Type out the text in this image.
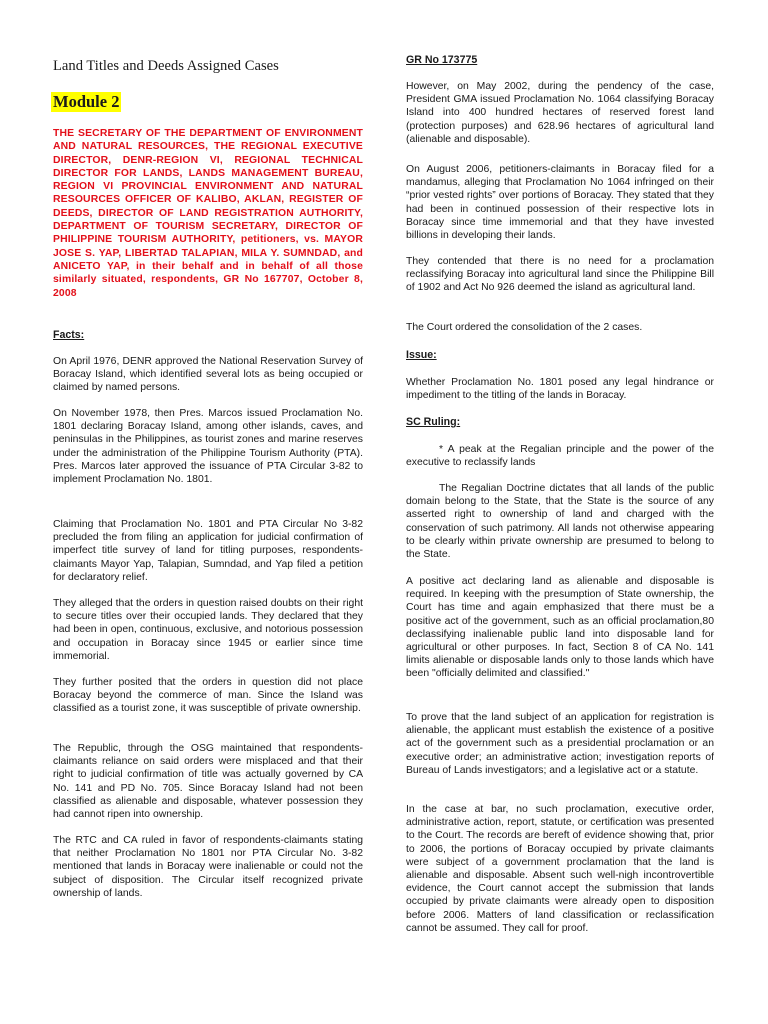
Land Titles and Deeds Assigned Cases
Module 2
THE SECRETARY OF THE DEPARTMENT OF ENVIRONMENT AND NATURAL RESOURCES, THE REGIONAL EXECUTIVE DIRECTOR, DENR-REGION VI, REGIONAL TECHNICAL DIRECTOR FOR LANDS, LANDS MANAGEMENT BUREAU, REGION VI PROVINCIAL ENVIRONMENT AND NATURAL RESOURCES OFFICER OF KALIBO, AKLAN, REGISTER OF DEEDS, DIRECTOR OF LAND REGISTRATION AUTHORITY, DEPARTMENT OF TOURISM SECRETARY, DIRECTOR OF PHILIPPINE TOURISM AUTHORITY, petitioners, vs. MAYOR JOSE S. YAP, LIBERTAD TALAPIAN, MILA Y. SUMNDAD, and ANICETO YAP, in their behalf and in behalf of all those similarly situated, respondents, GR No 167707, October 8, 2008
Facts:

On April 1976, DENR approved the National Reservation Survey of Boracay Island, which identified several lots as being occupied or claimed by named persons.

On November 1978, then Pres. Marcos issued Proclamation No. 1801 declaring Boracay Island, among other islands, caves, and peninsulas in the Philippines, as tourist zones and marine reserves under the administration of the Philippine Tourism Authority (PTA). Pres. Marcos later approved the issuance of PTA Circular 3-82 to implement Proclamation No. 1801.

Claiming that Proclamation No. 1801 and PTA Circular No 3-82 precluded the from filing an application for judicial confirmation of imperfect title survey of land for titling purposes, respondents-claimants Mayor Yap, Talapian, Sumndad, and Yap filed a petition for declaratory relief.

They alleged that the orders in question raised doubts on their right to secure titles over their occupied lands. They declared that they had been in open, continuous, exclusive, and notorious possession and occupation in Boracay since 1945 or earlier since time immemorial.

They further posited that the orders in question did not place Boracay beyond the commerce of man. Since the Island was classified as a tourist zone, it was susceptible of private ownership.

The Republic, through the OSG maintained that respondents-claimants reliance on said orders were misplaced and that their right to judicial confirmation of title was actually governed by CA No. 141 and PD No. 705. Since Boracay Island had not been classified as alienable and disposable, whatever possession they had cannot ripen into ownership.

The RTC and CA ruled in favor of respondents-claimants stating that neither Proclamation No 1801 nor PTA Circular No. 3-82 mentioned that lands in Boracay were inalienable or could not the subject of disposition. The Circular itself recognized private ownership of lands.

GR No 173775

However, on May 2002, during the pendency of the case, President GMA issued Proclamation No. 1064 classifying Boracay Island into 400 hundred hectares of reserved forest land (protection purposes) and 628.96 hectares of agricultural land (alienable and disposable).

On August 2006, petitioners-claimants in Boracay filed for a mandamus, alleging that Proclamation No 1064 infringed on their “prior vested rights” over portions of Boracay. They stated that they had been in continued possession of their respective lots in Boracay since time immemorial and that they have invested billions in developing their lands.

They contended that there is no need for a proclamation reclassifying Boracay into agricultural land since the Philippine Bill of 1902 and Act No 926 deemed the island as agricultural land.

The Court ordered the consolidation of the 2 cases.

Issue:

Whether Proclamation No. 1801 posed any legal hindrance or impediment to the titling of the lands in Boracay.

SC Ruling:

* A peak at the Regalian principle and the power of the executive to reclassify lands

The Regalian Doctrine dictates that all lands of the public domain belong to the State, that the State is the source of any asserted right to ownership of land and charged with the conservation of such patrimony. All lands not otherwise appearing to be clearly within private ownership are presumed to belong to the State.

A positive act declaring land as alienable and disposable is required. In keeping with the presumption of State ownership, the Court has time and again emphasized that there must be a positive act of the government, such as an official proclamation,80 declassifying inalienable public land into disposable land for agricultural or other purposes. In fact, Section 8 of CA No. 141 limits alienable or disposable lands only to those lands which have been "officially delimited and classified."

To prove that the land subject of an application for registration is alienable, the applicant must establish the existence of a positive act of the government such as a presidential proclamation or an executive order; an administrative action; investigation reports of Bureau of Lands investigators; and a legislative act or a statute.

In the case at bar, no such proclamation, executive order, administrative action, report, statute, or certification was presented to the Court. The records are bereft of evidence showing that, prior to 2006, the portions of Boracay occupied by private claimants were subject of a government proclamation that the land is alienable and disposable. Absent such well-nigh incontrovertible evidence, the Court cannot accept the submission that lands occupied by private claimants were already open to disposition before 2006. Matters of land classification or reclassification cannot be assumed. They call for proof.
